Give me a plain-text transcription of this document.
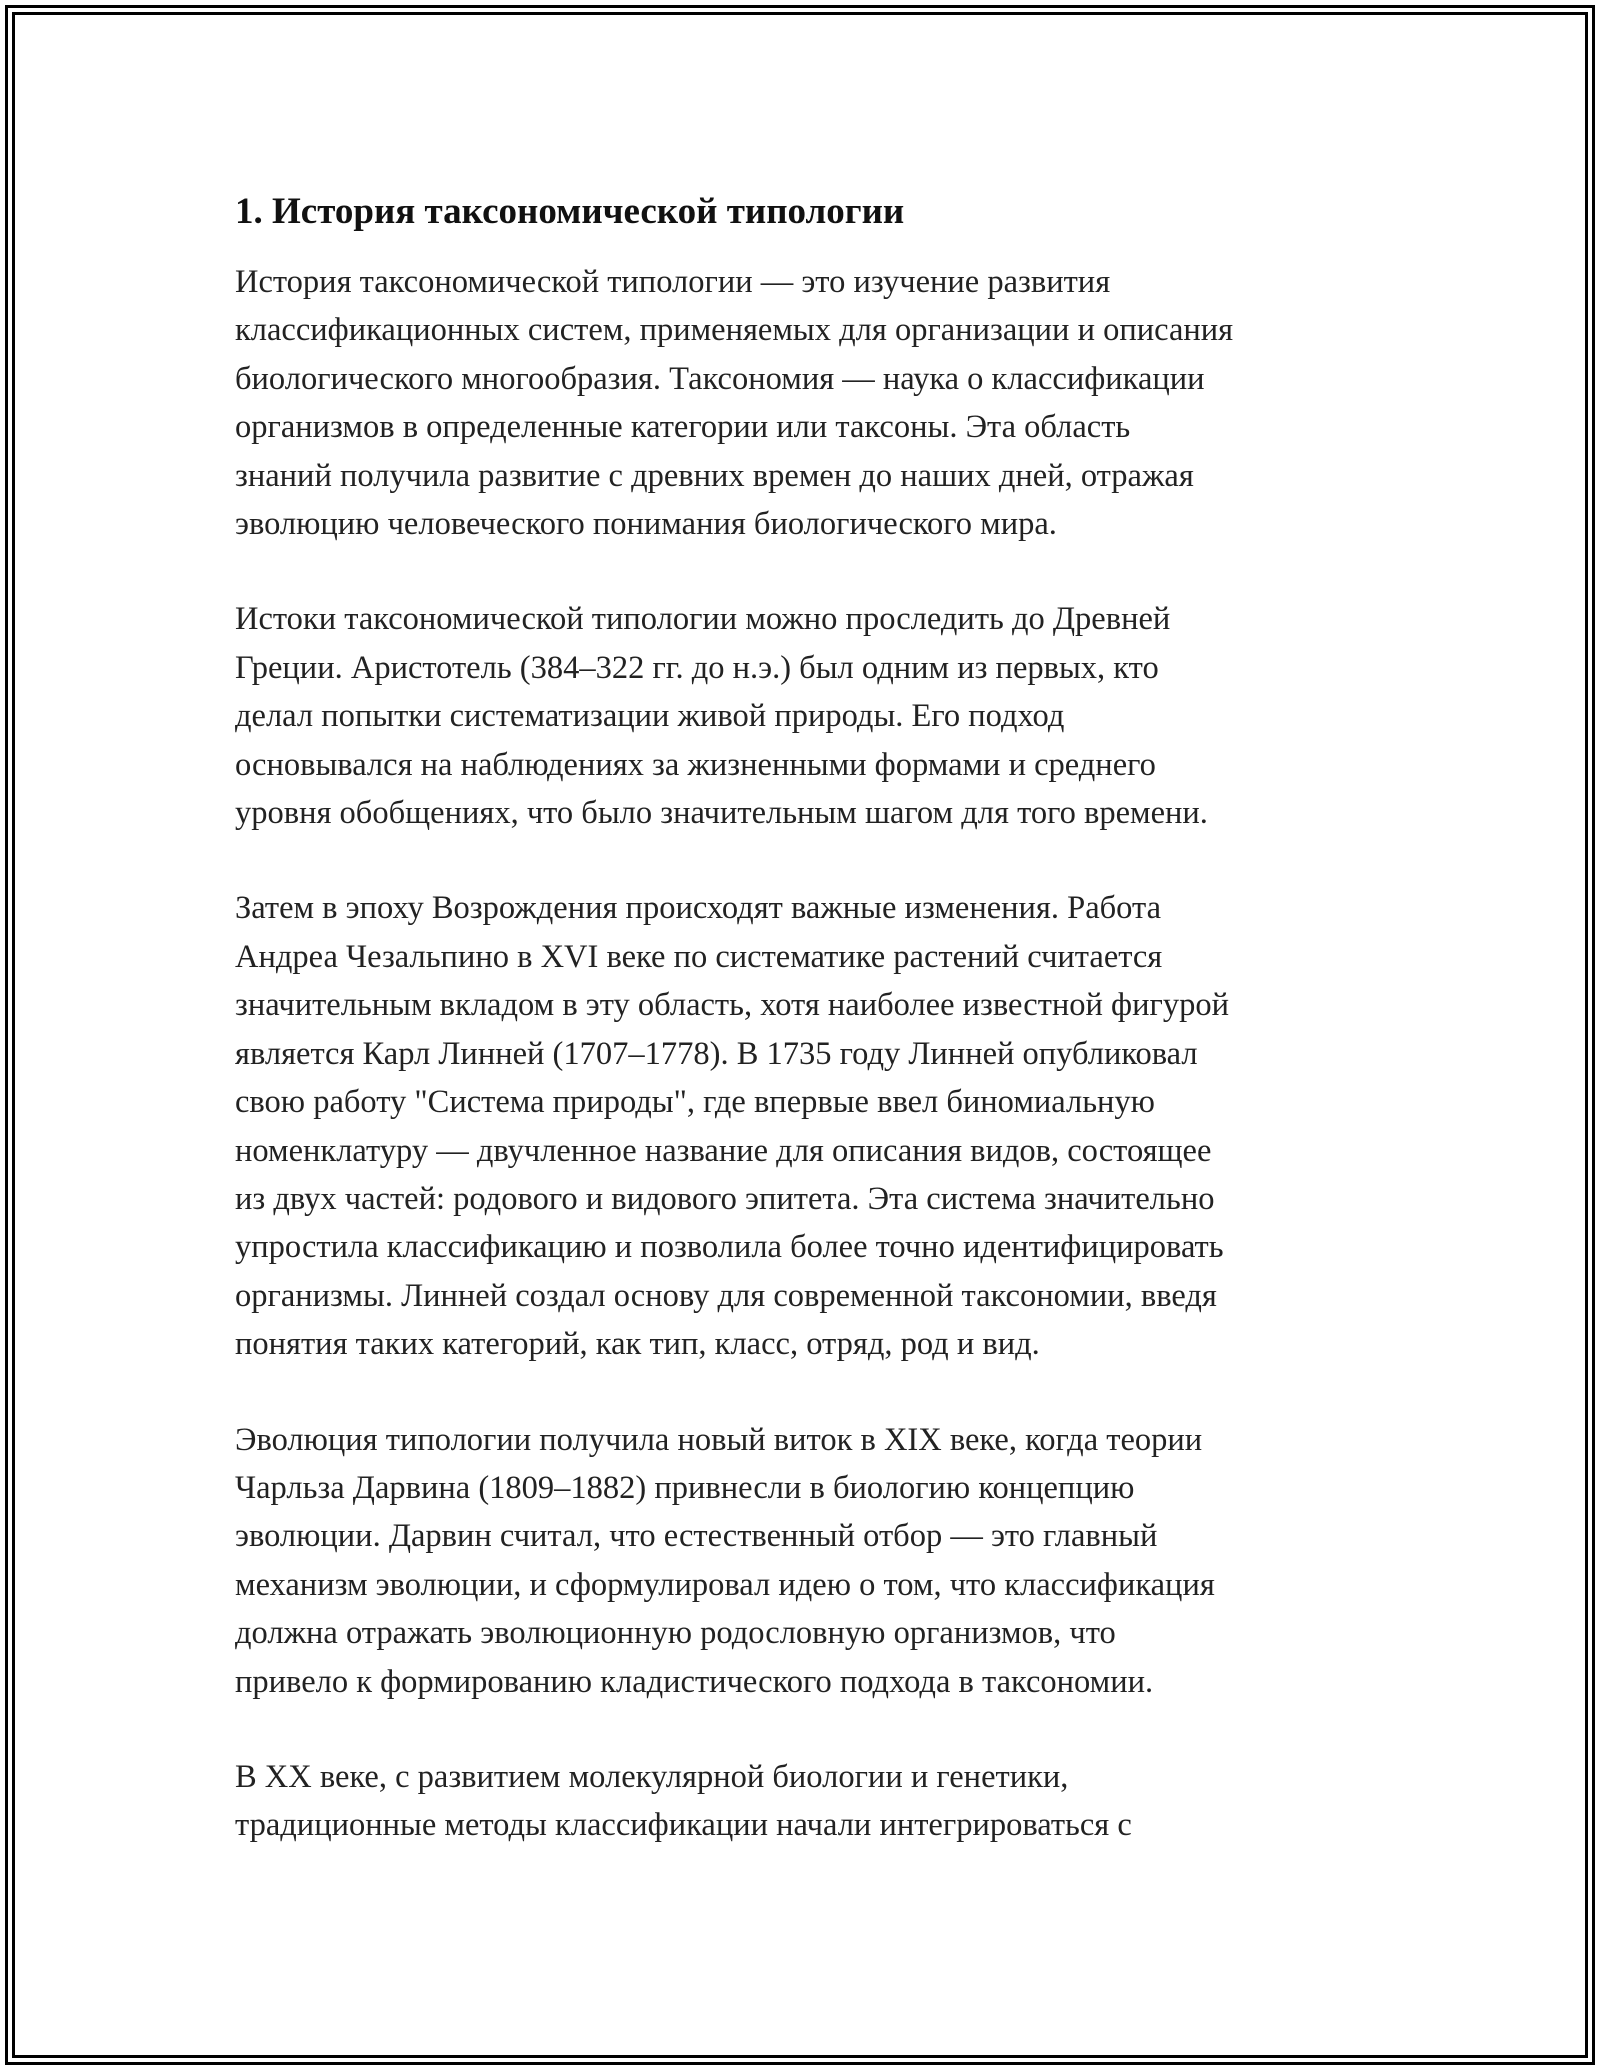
1. История таксономической типологии

История таксономической типологии — это изучение развития
классификационных систем, применяемых для организации и описания
биологического многообразия. Таксономия — наука о классификации
организмов в определенные категории или таксоны. Эта область
знаний получила развитие с древних времен до наших дней, отражая
эволюцию человеческого понимания биологического мира.

Истоки таксономической типологии можно проследить до Древней
Греции. Аристотель (384–322 гг. до н.э.) был одним из первых, кто
делал попытки систематизации живой природы. Его подход
основывался на наблюдениях за жизненными формами и среднего
уровня обобщениях, что было значительным шагом для того времени.

Затем в эпоху Возрождения происходят важные изменения. Работа
Андреа Чезальпино в XVI веке по систематике растений считается
значительным вкладом в эту область, хотя наиболее известной фигурой
является Карл Линней (1707–1778). В 1735 году Линней опубликовал
свою работу "Система природы", где впервые ввел биномиальную
номенклатуру — двучленное название для описания видов, состоящее
из двух частей: родового и видового эпитета. Эта система значительно
упростила классификацию и позволила более точно идентифицировать
организмы. Линней создал основу для современной таксономии, введя
понятия таких категорий, как тип, класс, отряд, род и вид.

Эволюция типологии получила новый виток в XIX веке, когда теории
Чарльза Дарвина (1809–1882) привнесли в биологию концепцию
эволюции. Дарвин считал, что естественный отбор — это главный
механизм эволюции, и сформулировал идею о том, что классификация
должна отражать эволюционную родословную организмов, что
привело к формированию кладистического подхода в таксономии.

В XX веке, с развитием молекулярной биологии и генетики,
традиционные методы классификации начали интегрироваться с
